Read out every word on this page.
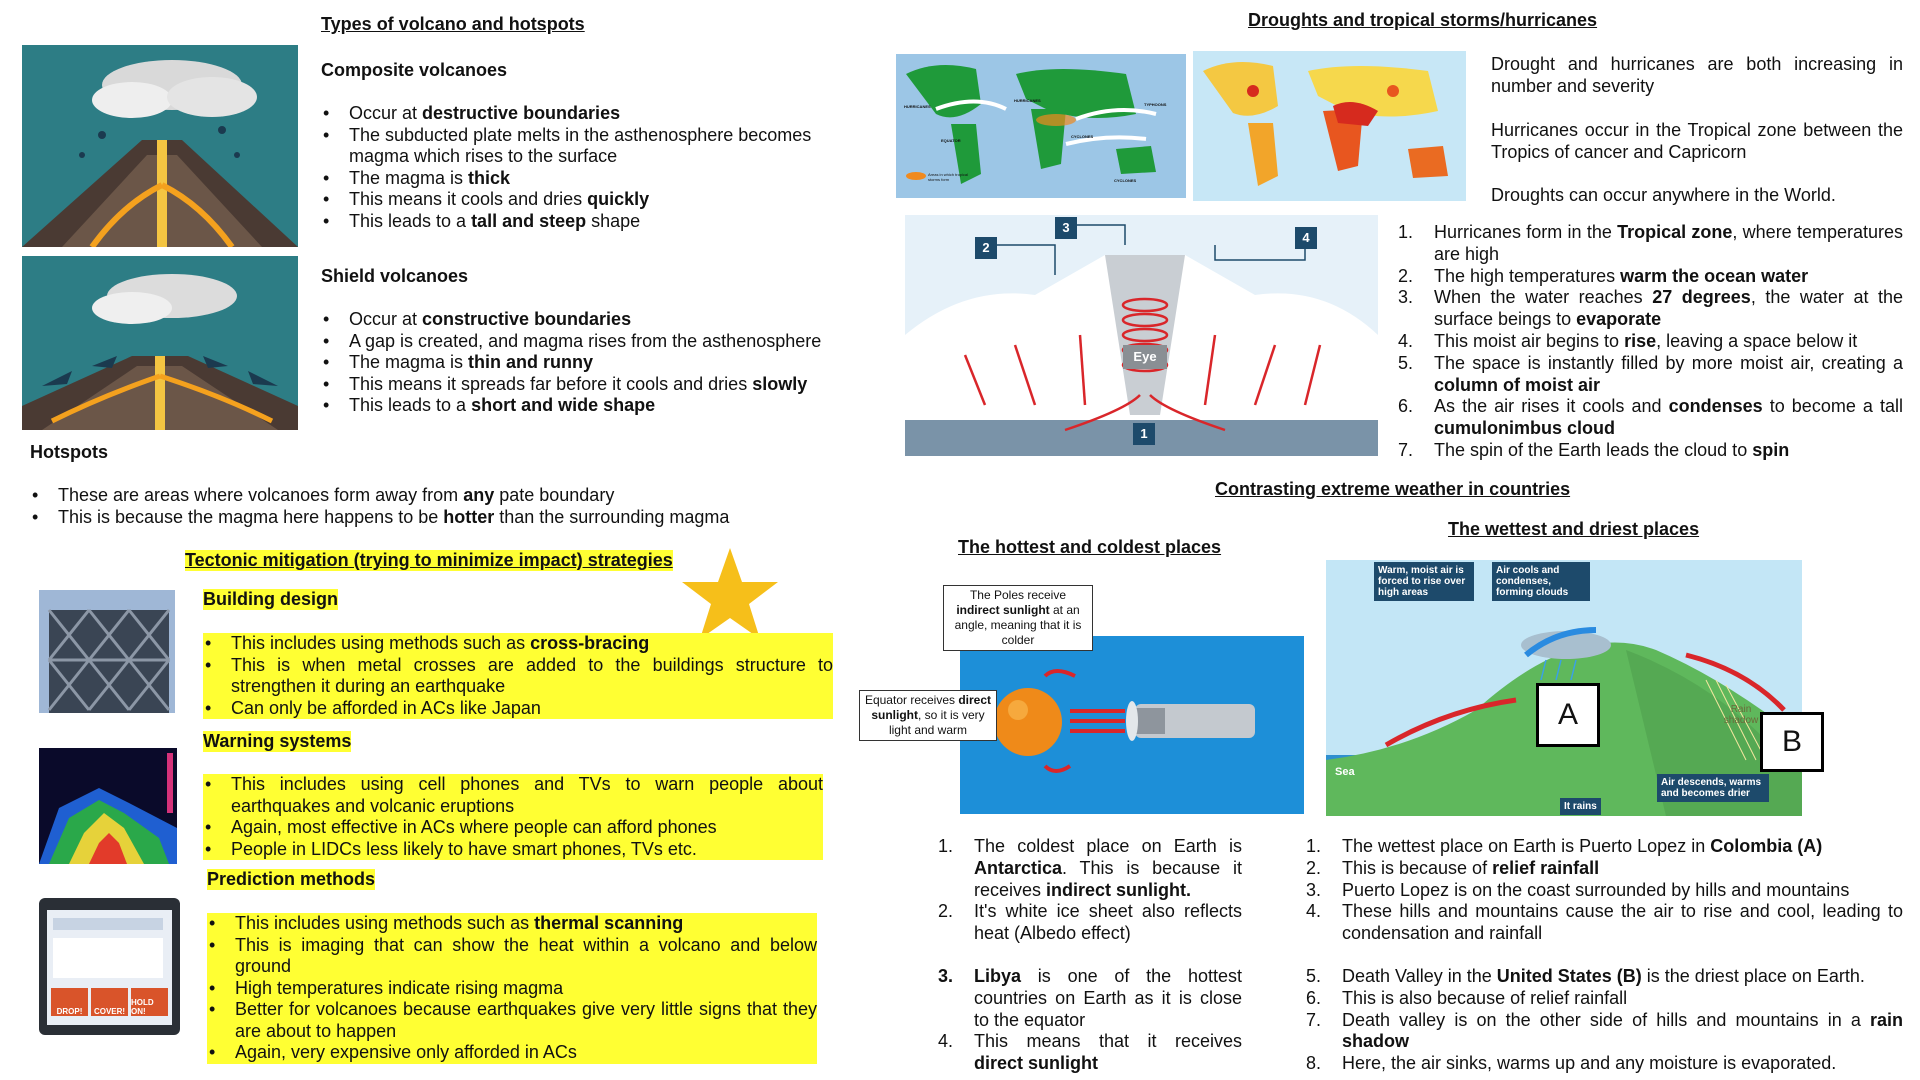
Types of volcano and hotspots
Composite volcanoes
• Occur at destructive boundaries
• The subducted plate melts in the asthenosphere becomes magma which rises to the surface
• The magma is thick
• This means it cools and dries quickly
• This leads to a tall and steep shape
Shield volcanoes
• Occur at constructive boundaries
• A gap is created, and magma rises from the asthenosphere
• The magma is thin and runny
• This means it spreads far before it cools and dries slowly
• This leads to a short and wide shape
Hotspots
• These are areas where volcanoes form away from any pate boundary
• This is because the magma here happens to be hotter than the surrounding magma
Tectonic mitigation (trying to minimize impact) strategies
Building design
• This includes using methods such as cross-bracing
• This is when metal crosses are added to the buildings structure to strengthen it during an earthquake
• Can only be afforded in ACs like Japan
Warning systems
• This includes using cell phones and TVs to warn people about earthquakes and volcanic eruptions
• Again, most effective in ACs where people can afford phones
• People in LIDCs less likely to have smart phones, TVs etc.
DROP!	COVER!
HOLD ON!
Prediction methods
• This includes using methods such as thermal scanning
• This is imaging that can show the heat within a volcano and below ground
• High temperatures indicate rising magma
• Better for volcanoes because earthquakes give very little signs that they are about to happen
• Again, very expensive only afforded in ACs
Droughts and tropical storms/hurricanes
HURRICANES
HURRICANES
TYPHOONS
EQUATOR
CYCLONES
CYCLONES
Areas in which tropical storms form
Drought and hurricanes are both increasing in number and severity
Hurricanes occur in the Tropical zone between the Tropics of cancer and Capricorn
Droughts can occur anywhere in the World.
2
3
4
1
Eye
1. Hurricanes form in the Tropical zone, where temperatures are high
2. The high temperatures warm the ocean water
3. When the water reaches 27 degrees, the water at the surface beings to evaporate
4. This moist air begins to rise, leaving a space below it
5. The space is instantly filled by more moist air, creating a column of moist air
6. As the air rises it cools and condenses to become a tall cumulonimbus cloud
7. The spin of the Earth leads the cloud to spin
Contrasting extreme weather in countries
The hottest and coldest places
The wettest and driest places
The Poles receive indirect sunlight at an angle, meaning that it is colder
Equator receives direct sunlight, so it is very light and warm
1. The coldest place on Earth is Antarctica. This is because it receives indirect sunlight.
2. It's white ice sheet also reflects heat (Albedo effect)
3. Libya is one of the hottest countries on Earth as it is close to the equator
4. This means that it receives direct sunlight
Warm, moist air is forced to rise over high areas
Air cools and condenses, forming clouds
Sea
It rains
Air descends, warms and becomes drier
Rain shadow
A
B
1. The wettest place on Earth is Puerto Lopez in Colombia (A)
2. This is because of relief rainfall
3. Puerto Lopez is on the coast surrounded by hills and mountains
4. These hills and mountains cause the air to rise and cool, leading to condensation and rainfall
5. Death Valley in the United States (B) is the driest place on Earth.
6. This is also because of relief rainfall
7. Death valley is on the other side of hills and mountains in a rain shadow
8. Here, the air sinks, warms up and any moisture is evaporated.
